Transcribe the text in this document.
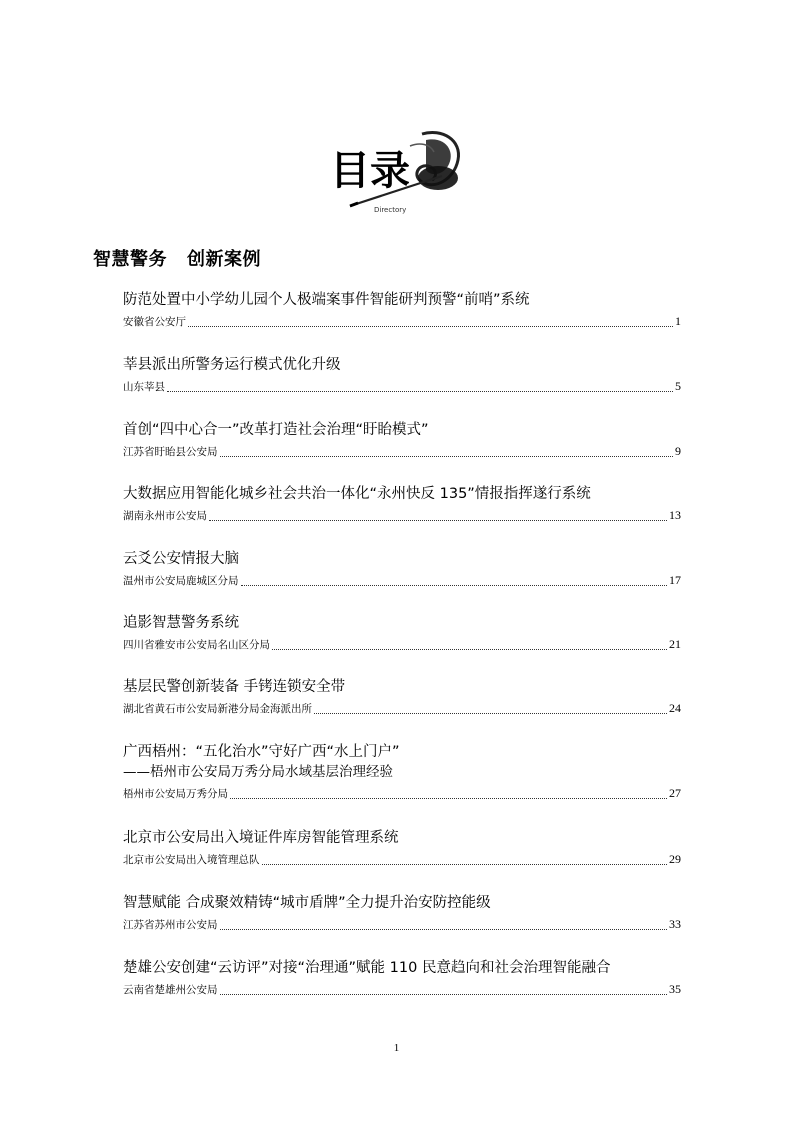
目录
Directory
智慧警务 创新案例
防范处置中小学幼儿园个人极端案事件智能研判预警“前哨”系统
安徽省公安厅	1
莘县派出所警务运行模式优化升级
山东莘县	5
首创“四中心合一”改革打造社会治理“盱眙模式”
江苏省盱眙县公安局	9
大数据应用智能化城乡社会共治一体化“永州快反 135”情报指挥遂行系统
湖南永州市公安局	13
云爻公安情报大脑
温州市公安局鹿城区分局	17
追影智慧警务系统
四川省雅安市公安局名山区分局	21
基层民警创新装备 手铐连锁安全带
湖北省黄石市公安局新港分局金海派出所	24
广西梧州：“五化治水”守好广西“水上门户”
——梧州市公安局万秀分局水域基层治理经验
梧州市公安局万秀分局	27
北京市公安局出入境证件库房智能管理系统
北京市公安局出入境管理总队	29
智慧赋能 合成聚效精铸“城市盾牌”全力提升治安防控能级
江苏省苏州市公安局	33
楚雄公安创建“云访评”对接“治理通”赋能 110 民意趋向和社会治理智能融合
云南省楚雄州公安局	35
1
